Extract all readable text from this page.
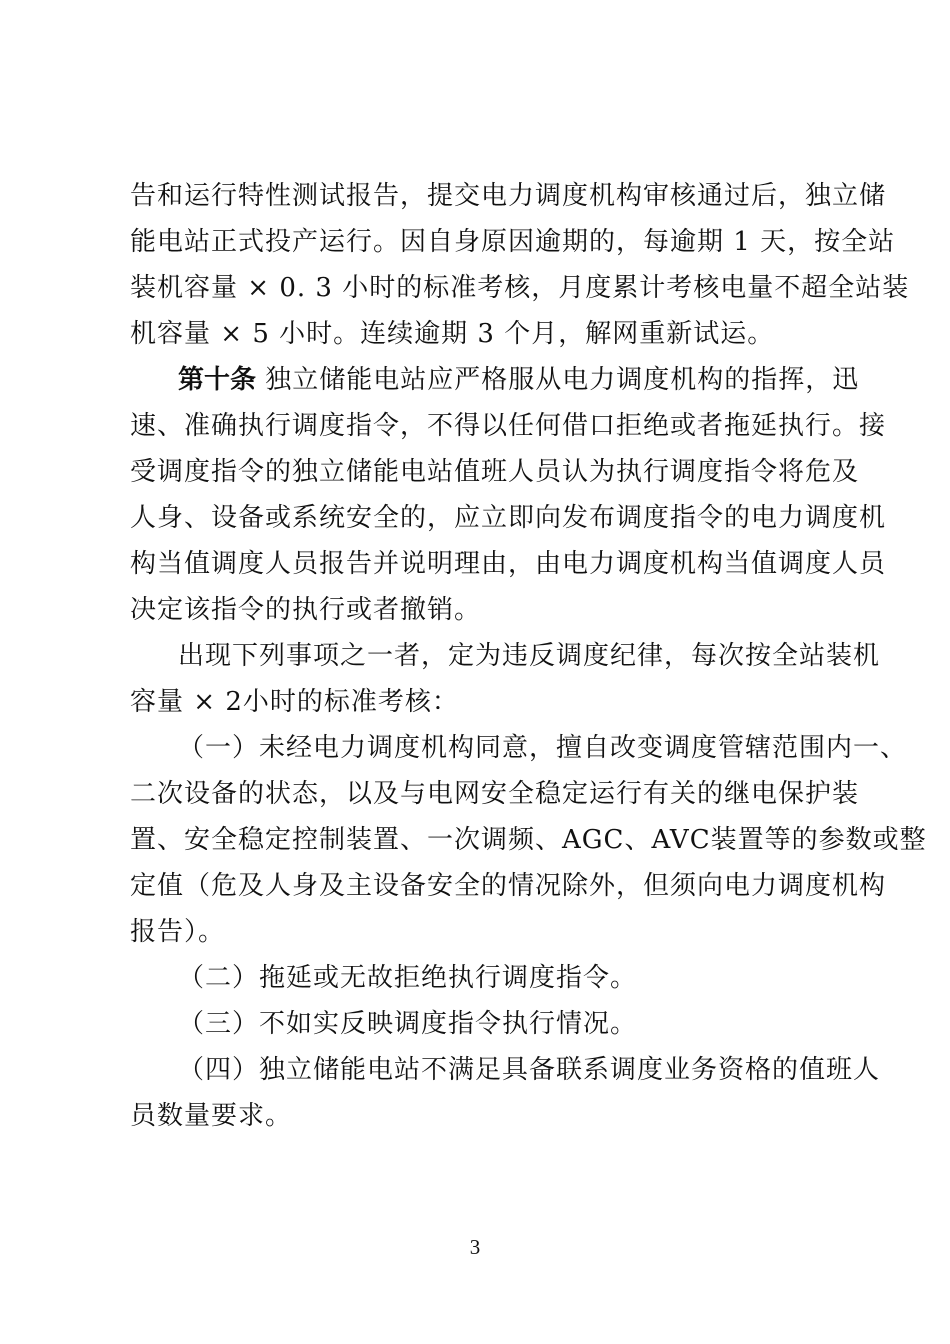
告和运行特性测试报告，提交电力调度机构审核通过后，独立储
能电站正式投产运行。因自身原因逾期的，每逾期 1 天，按全站
装机容量 × 0. 3 小时的标准考核，月度累计考核电量不超全站装
机容量 × 5 小时。连续逾期 3 个月，解网重新试运。
第十条 独立储能电站应严格服从电力调度机构的指挥，迅
速、准确执行调度指令，不得以任何借口拒绝或者拖延执行。接
受调度指令的独立储能电站值班人员认为执行调度指令将危及
人身、设备或系统安全的，应立即向发布调度指令的电力调度机
构当值调度人员报告并说明理由，由电力调度机构当值调度人员
决定该指令的执行或者撤销。
出现下列事项之一者，定为违反调度纪律，每次按全站装机
容量 × 2小时的标准考核：
（一）未经电力调度机构同意，擅自改变调度管辖范围内一、
二次设备的状态，以及与电网安全稳定运行有关的继电保护装
置、安全稳定控制装置、一次调频、AGC、AVC装置等的参数或整
定值（危及人身及主设备安全的情况除外，但须向电力调度机构
报告）。
（二）拖延或无故拒绝执行调度指令。
（三）不如实反映调度指令执行情况。
（四）独立储能电站不满足具备联系调度业务资格的值班人
员数量要求。
3
